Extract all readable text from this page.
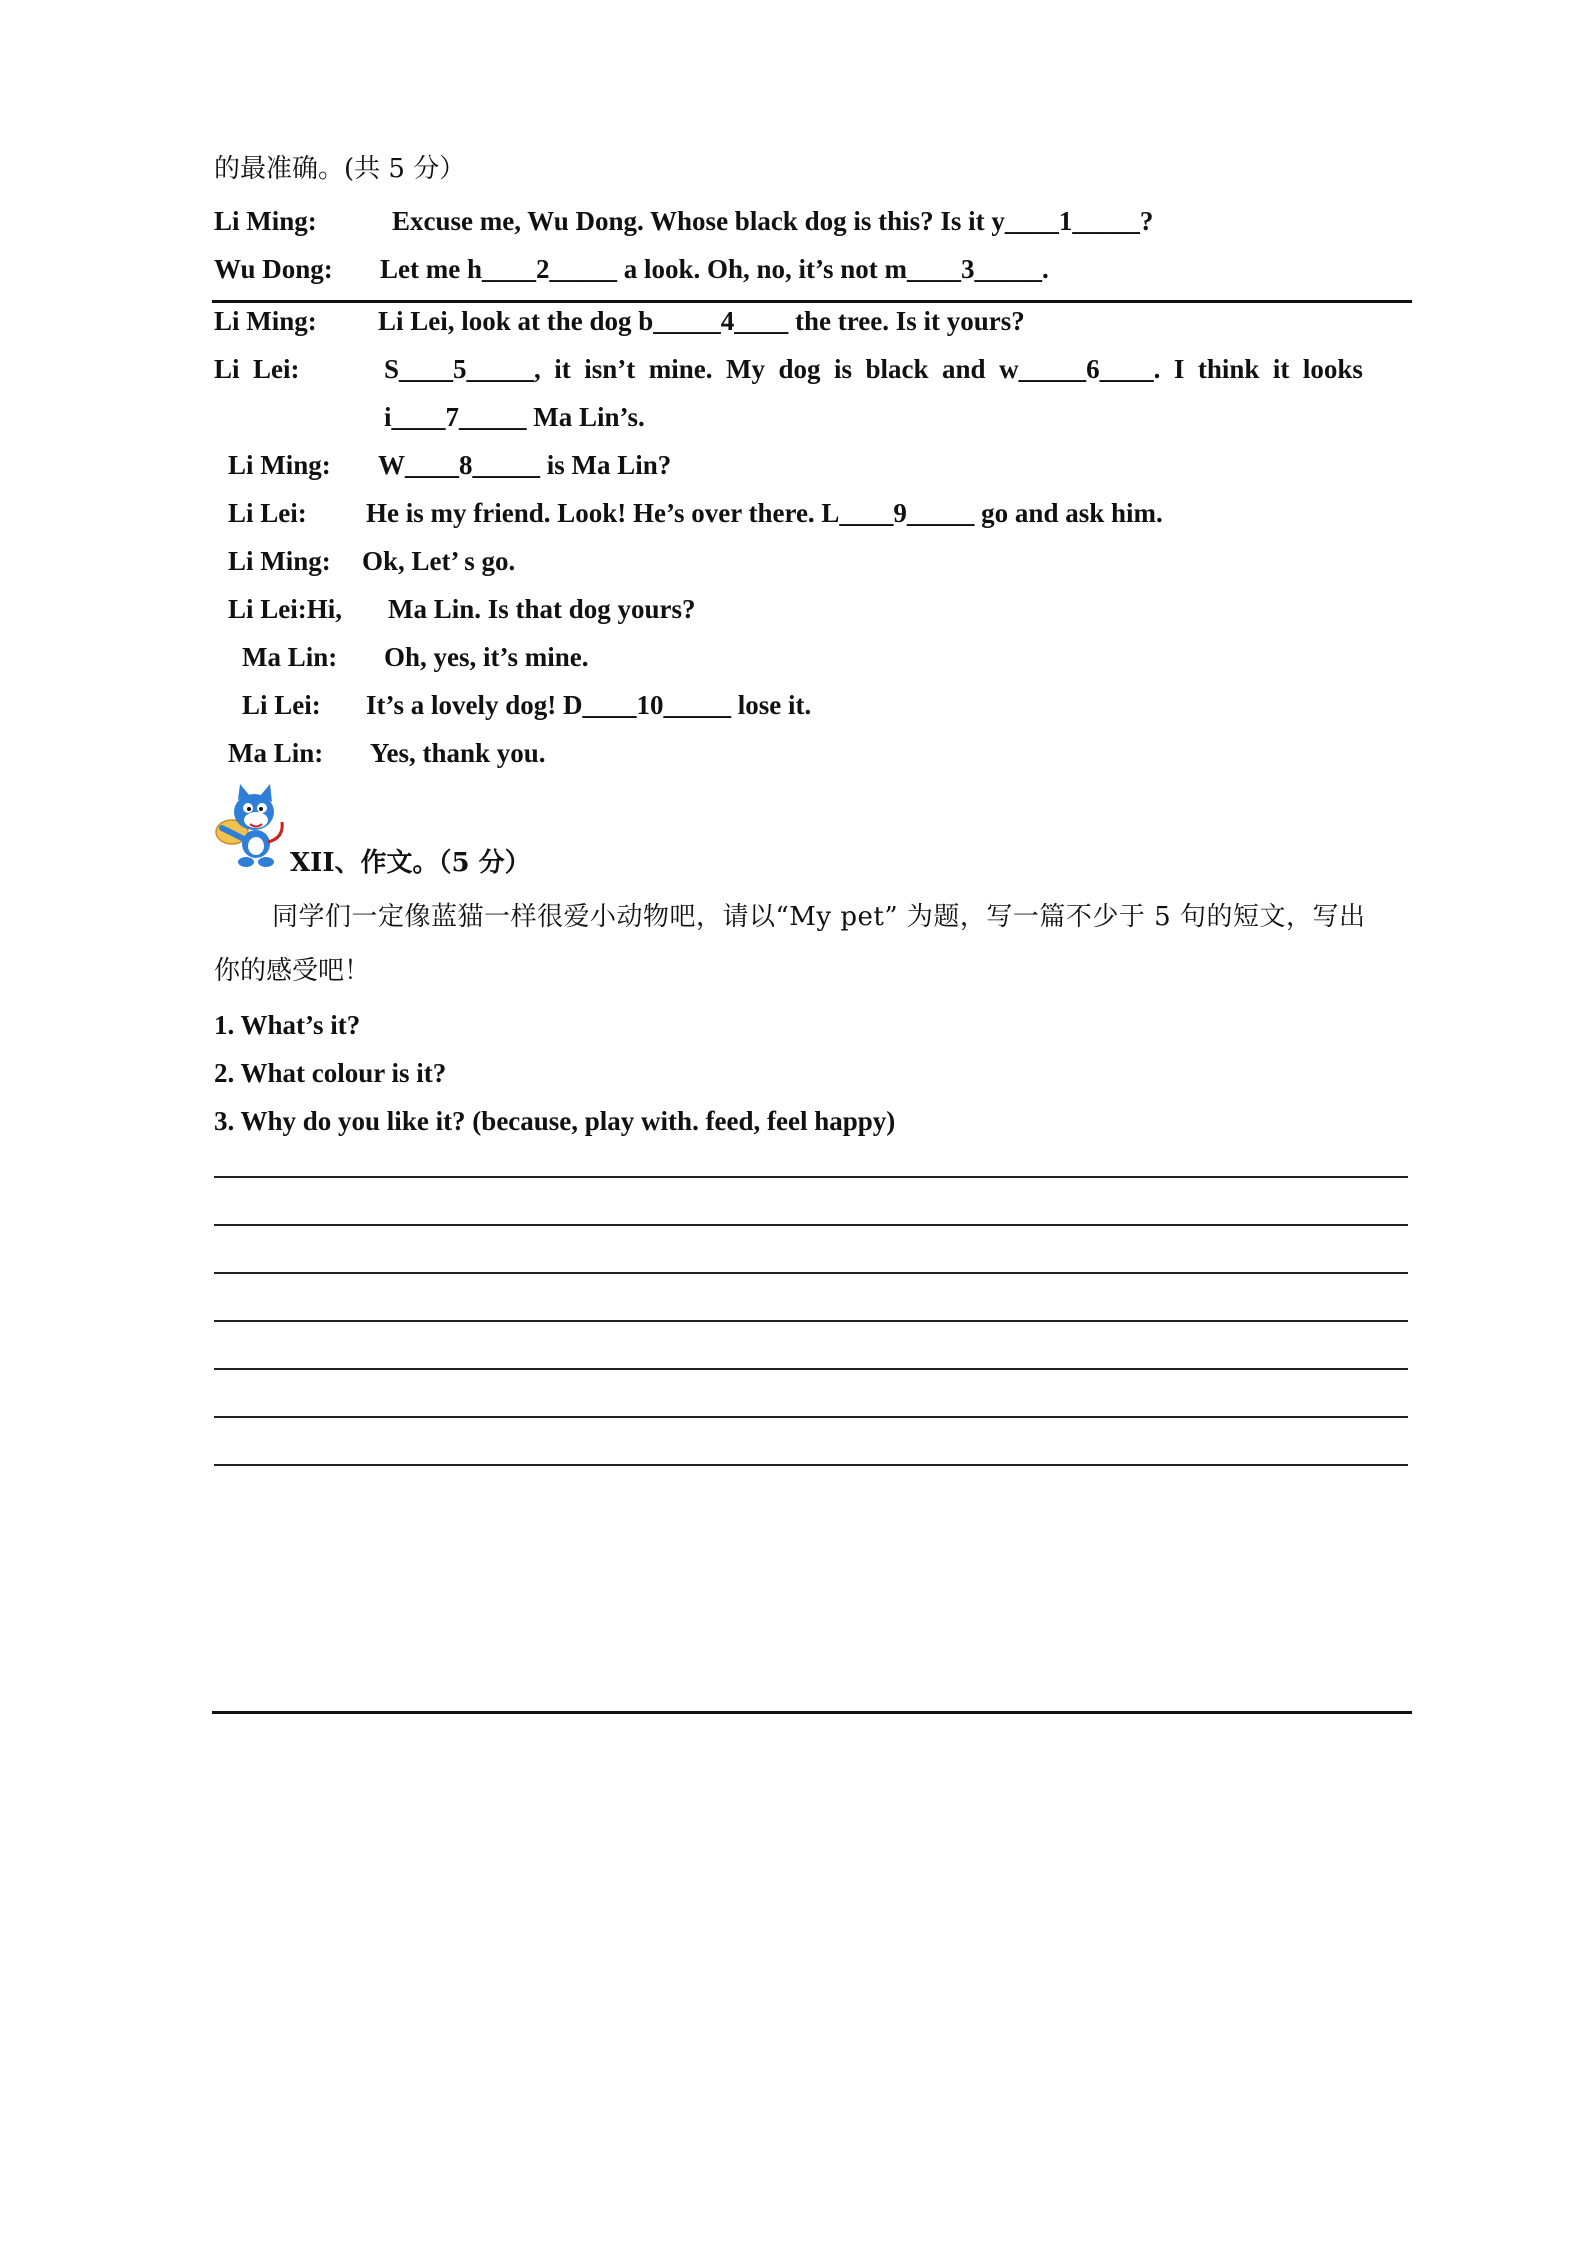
的最准确。(共 5 分）
Li Ming:	Excuse me, Wu Dong. Whose black dog is this? Is it y____1_____?
Wu Dong: Let me h____2_____ a look. Oh, no, it’s not m____3_____.
Li Ming: Li Lei, look at the dog b_____4____ the tree. Is it yours?
Li  Lei:	S____5_____,  it  isn’t  mine.  My  dog  is  black  and  w_____6____.  I  think  it  looks
i____7_____ Ma Lin’s.
Li Ming: W____8_____ is Ma Lin?
Li Lei: He is my friend. Look! He’s over there. L____9_____ go and ask him.
Li Ming: Ok, Let’ s go.
Li Lei:Hi, Ma Lin. Is that dog yours?
Ma Lin: Oh, yes, it’s mine.
Li Lei: It’s a lovely dog! D____10_____ lose it.
Ma Lin: Yes, thank you.
XII、作文。（5 分）
同学们一定像蓝猫一样很爱小动物吧，请以“My pet” 为题，写一篇不少于 5 句的短文，写出
你的感受吧！
1. What’s it?
2. What colour is it?
3. Why do you like it? (because, play with. feed, feel happy)
